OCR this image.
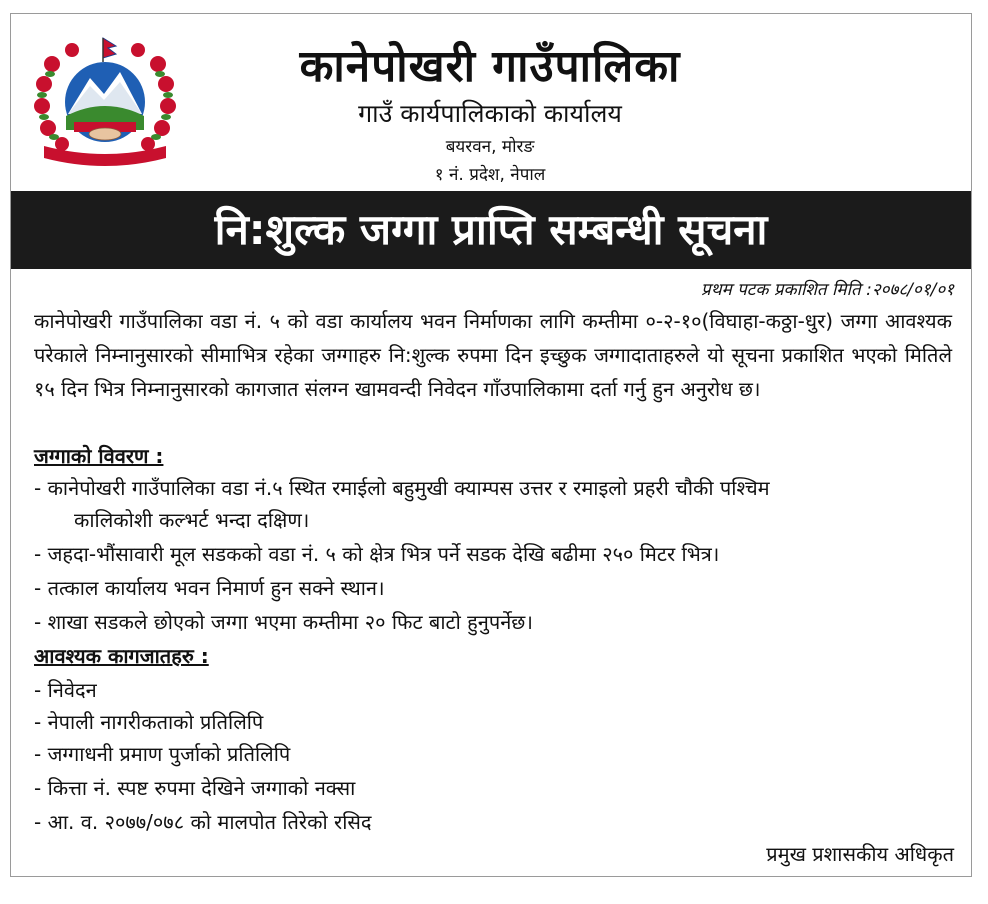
कानेपोखरी गाउँपालिका
गाउँ कार्यपालिकाको कार्यालय
बयरवन, मोरङ
१ नं. प्रदेश, नेपाल
नि:शुल्क जग्गा प्राप्ति सम्बन्धी सूचना
प्रथम पटक प्रकाशित मिति :२०७८/०१/०१
कानेपोखरी गाउँपालिका वडा नं. ५ को वडा कार्यालय भवन निर्माणका लागि कम्तीमा ०-२-१०(विघाहा-कठ्ठा-धुर) जग्गा आवश्यक परेकाले निम्नानुसारको सीमाभित्र रहेका जग्गाहरु नि:शुल्क रुपमा दिन इच्छुक जग्गादाताहरुले यो सूचना प्रकाशित भएको मितिले १५ दिन भित्र निम्नानुसारको कागजात संलग्न खामवन्दी निवेदन गाँउपालिकामा दर्ता गर्नु हुन अनुरोध छ।
जग्गाको विवरण :
- कानेपोखरी गाउँपालिका वडा नं.५ स्थित रमाईलो बहुमुखी क्याम्पस उत्तर र रमाइलो प्रहरी चौकी पश्चिम
कालिकोशी कल्भर्ट भन्दा दक्षिण।
- जहदा-भौंसावारी मूल सडकको वडा नं. ५ को क्षेत्र भित्र पर्ने सडक देखि बढीमा २५० मिटर भित्र।
- तत्काल कार्यालय भवन निमार्ण हुन सक्ने स्थान।
- शाखा सडकले छोएको जग्गा भएमा कम्तीमा २० फिट बाटो हुनुपर्नेछ।
आवश्यक कागजातहरु :
- निवेदन
- नेपाली नागरीकताको प्रतिलिपि
- जग्गाधनी प्रमाण पुर्जाको प्रतिलिपि
- कित्ता नं. स्पष्ट रुपमा देखिने जग्गाको नक्सा
- आ. व. २०७७/०७८ को मालपोत तिरेको रसिद
प्रमुख प्रशासकीय अधिकृत
